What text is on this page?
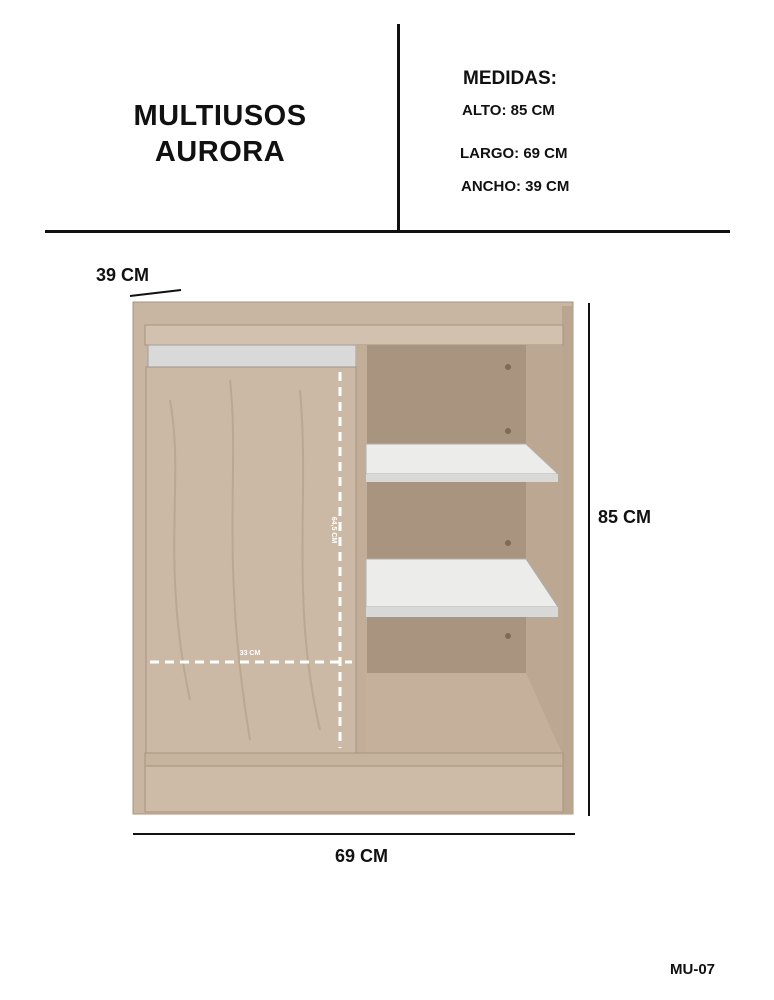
MULTIUSOS
AURORA
MEDIDAS:
ALTO: 85 CM
LARGO: 69 CM
ANCHO: 39 CM
64,5 CM
33 CM
39 CM
85 CM
69 CM
MU-07
